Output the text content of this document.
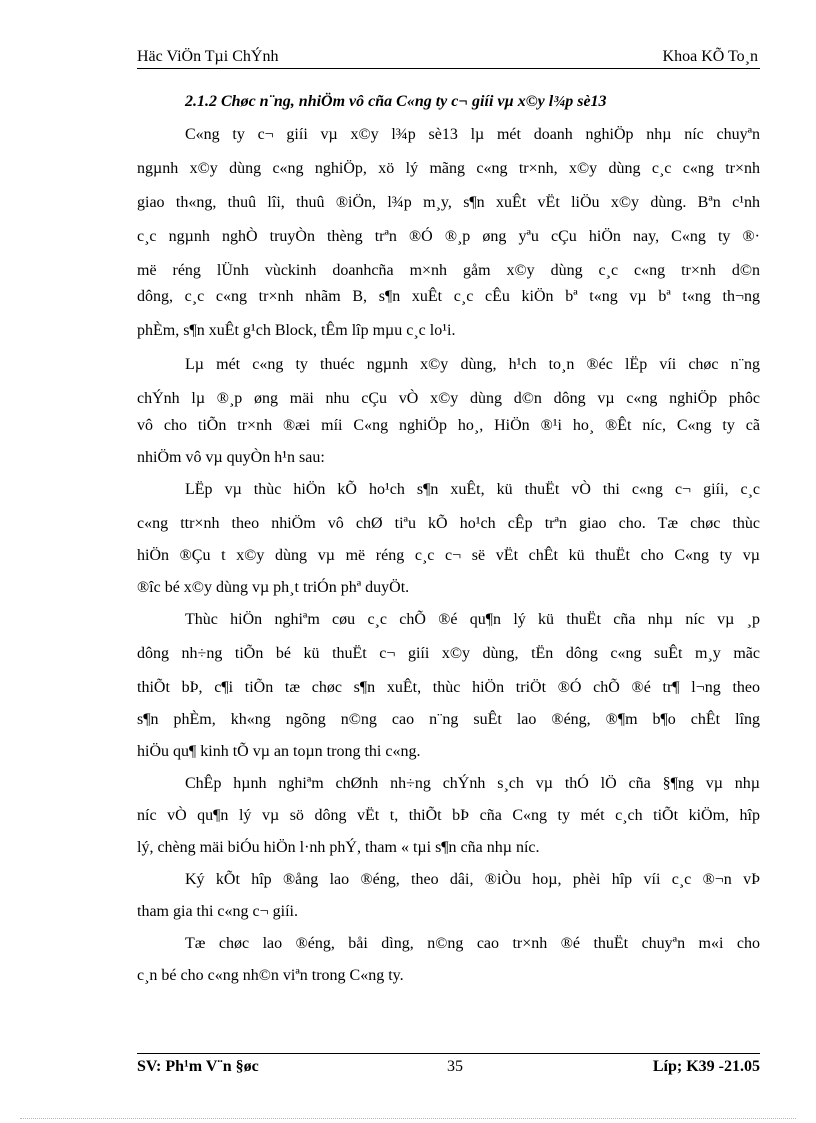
Häc ViÖn Tµi ChÝnh	Khoa KÕ To¸n
2.1.2 Chøc n¨ng, nhiÖm vô cña C«ng ty c¬ giíi vµ x©y l¾p sè13
C«ng ty c¬ giíi vµ x©y l¾p sè13 lµ mét doanh nghiÖp nhµ níc chuyªn
ngµnh x©y dùng c«ng nghiÖp, xö lý mãng c«ng tr×nh, x©y dùng c¸c c«ng tr×nh
giao th«ng, thuû lîi, thuû ®iÖn, l¾p m¸y, s¶n xuÊt vËt liÖu x©y dùng. Bªn c¹nh
c¸c ngµnh nghÒ truyÒn thèng trªn ®Ó ®¸p øng yªu cÇu hiÖn nay, C«ng ty ®·
më réng lÜnh vùckinh doanhcña m×nh gåm x©y dùng c¸c c«ng tr×nh d©n
dông, c¸c c«ng tr×nh nhãm B, s¶n xuÊt c¸c cÊu kiÖn bª t«ng vµ bª t«ng th¬ng
phÈm, s¶n xuÊt g¹ch Block, tÊm lîp mµu c¸c lo¹i.
Lµ mét c«ng ty thuéc ngµnh x©y dùng, h¹ch to¸n ®éc lËp víi chøc n¨ng
chÝnh lµ ®¸p øng mäi nhu cÇu vÒ x©y dùng d©n dông vµ c«ng nghiÖp phôc
vô cho tiÕn tr×nh ®æi míi C«ng nghiÖp ho¸, HiÖn ®¹i ho¸ ®Êt níc, C«ng ty cã
nhiÖm vô vµ quyÒn h¹n sau:
LËp vµ thùc hiÖn kÕ ho¹ch s¶n xuÊt, kü thuËt vÒ thi c«ng c¬ giíi, c¸c
c«ng ttr×nh theo nhiÖm vô chØ tiªu kÕ ho¹ch cÊp trªn giao cho. Tæ chøc thùc
hiÖn ®Çu t x©y dùng vµ më réng c¸c c¬ së vËt chÊt kü thuËt cho C«ng ty vµ
®îc bé x©y dùng vµ ph¸t triÓn phª duyÖt.
Thùc hiÖn nghiªm cøu c¸c chÕ ®é qu¶n lý kü thuËt cña nhµ níc vµ ¸p
dông nh÷ng tiÕn bé kü thuËt c¬ giíi x©y dùng, tËn dông c«ng suÊt m¸y mãc
thiÕt bÞ, c¶i tiÕn tæ chøc s¶n xuÊt, thùc hiÖn triÖt ®Ó chÕ ®é tr¶ l¬ng theo
s¶n phÈm, kh«ng ngõng n©ng cao n¨ng suÊt lao ®éng, ®¶m b¶o chÊt lîng
hiÖu qu¶ kinh tÕ vµ an toµn trong thi c«ng.
ChÊp hµnh nghiªm chØnh nh÷ng chÝnh s¸ch vµ thÓ lÖ cña §¶ng vµ nhµ
níc vÒ qu¶n lý vµ sö dông vËt t, thiÕt bÞ cña C«ng ty mét c¸ch tiÕt kiÖm, hîp
lý, chèng mäi biÓu hiÖn l·nh phÝ, tham « tµi s¶n cña nhµ níc.
Ký kÕt hîp ®ång lao ®éng, theo dâi, ®iÒu hoµ, phèi hîp víi c¸c ®¬n vÞ
tham gia thi c«ng c¬ giíi.
Tæ chøc lao ®éng, båi dìng, n©ng cao tr×nh ®é thuËt chuyªn m«i cho
c¸n bé cho c«ng nh©n viªn trong C«ng ty.
SV: Ph¹m V¨n §øc	35	Líp; K39 -21.05
